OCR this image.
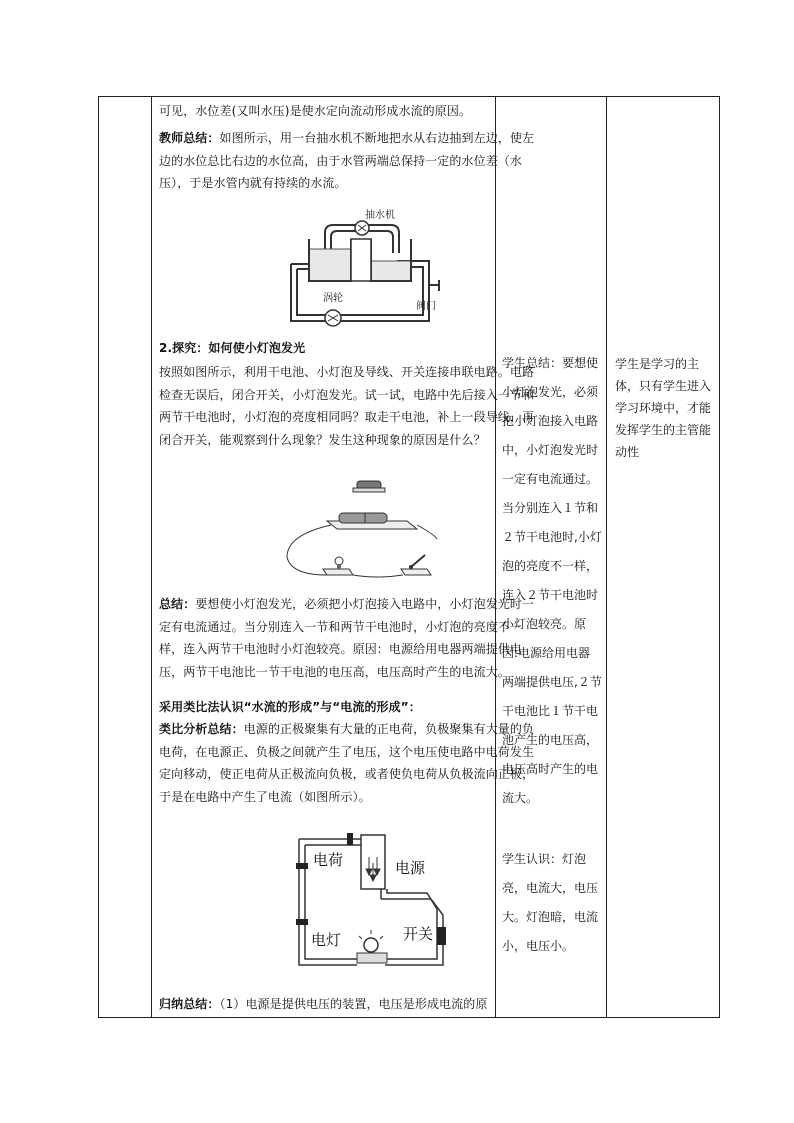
可见，水位差(又叫水压)是使水定向流动形成水流的原因。
教师总结：如图所示，用一台抽水机不断地把水从右边抽到左边，使左边的水位总比右边的水位高，由于水管两端总保持一定的水位差（水压），于是水管内就有持续的水流。
抽水机
涡轮
阀门
2.探究：如何使小灯泡发光
按照如图所示，利用干电池、小灯泡及导线、开关连接串联电路。电路检查无误后，闭合开关，小灯泡发光。试一试，电路中先后接入一节和两节干电池时，小灯泡的亮度相同吗？取走干电池，补上一段导线，再闭合开关，能观察到什么现象？发生这种现象的原因是什么？
总结：要想使小灯泡发光，必须把小灯泡接入电路中，小灯泡发光时一定有电流通过。当分别连入一节和两节干电池时，小灯泡的亮度不一样，连入两节干电池时小灯泡较亮。原因：电源给用电器两端提供电压，两节干电池比一节干电池的电压高，电压高时产生的电流大。
采用类比法认识“水流的形成”与“电流的形成”：
类比分析总结：电源的正极聚集有大量的正电荷，负极聚集有大量的负电荷，在电源正、负极之间就产生了电压，这个电压使电路中电荷发生定向移动，使正电荷从正极流向负极，或者使负电荷从负极流向正极，于是在电路中产生了电流（如图所示）。
电荷	电源
电灯	开关
归纳总结：（1）电源是提供电压的装置，电压是形成电流的原
学生总结：要想使小灯泡发光，必须把小灯泡接入电路中，小灯泡发光时一定有电流通过。当分别连入１节和２节干电池时,小灯泡的亮度不一样，连入２节干电池时小灯泡较亮。原因:电源给用电器两端提供电压,２节干电池比１节干电池产生的电压高，电压高时产生的电流大。
学生认识：灯泡亮，电流大，电压大。灯泡暗，电流小，电压小。
学生是学习的主体，只有学生进入学习环境中，才能发挥学生的主管能动性
